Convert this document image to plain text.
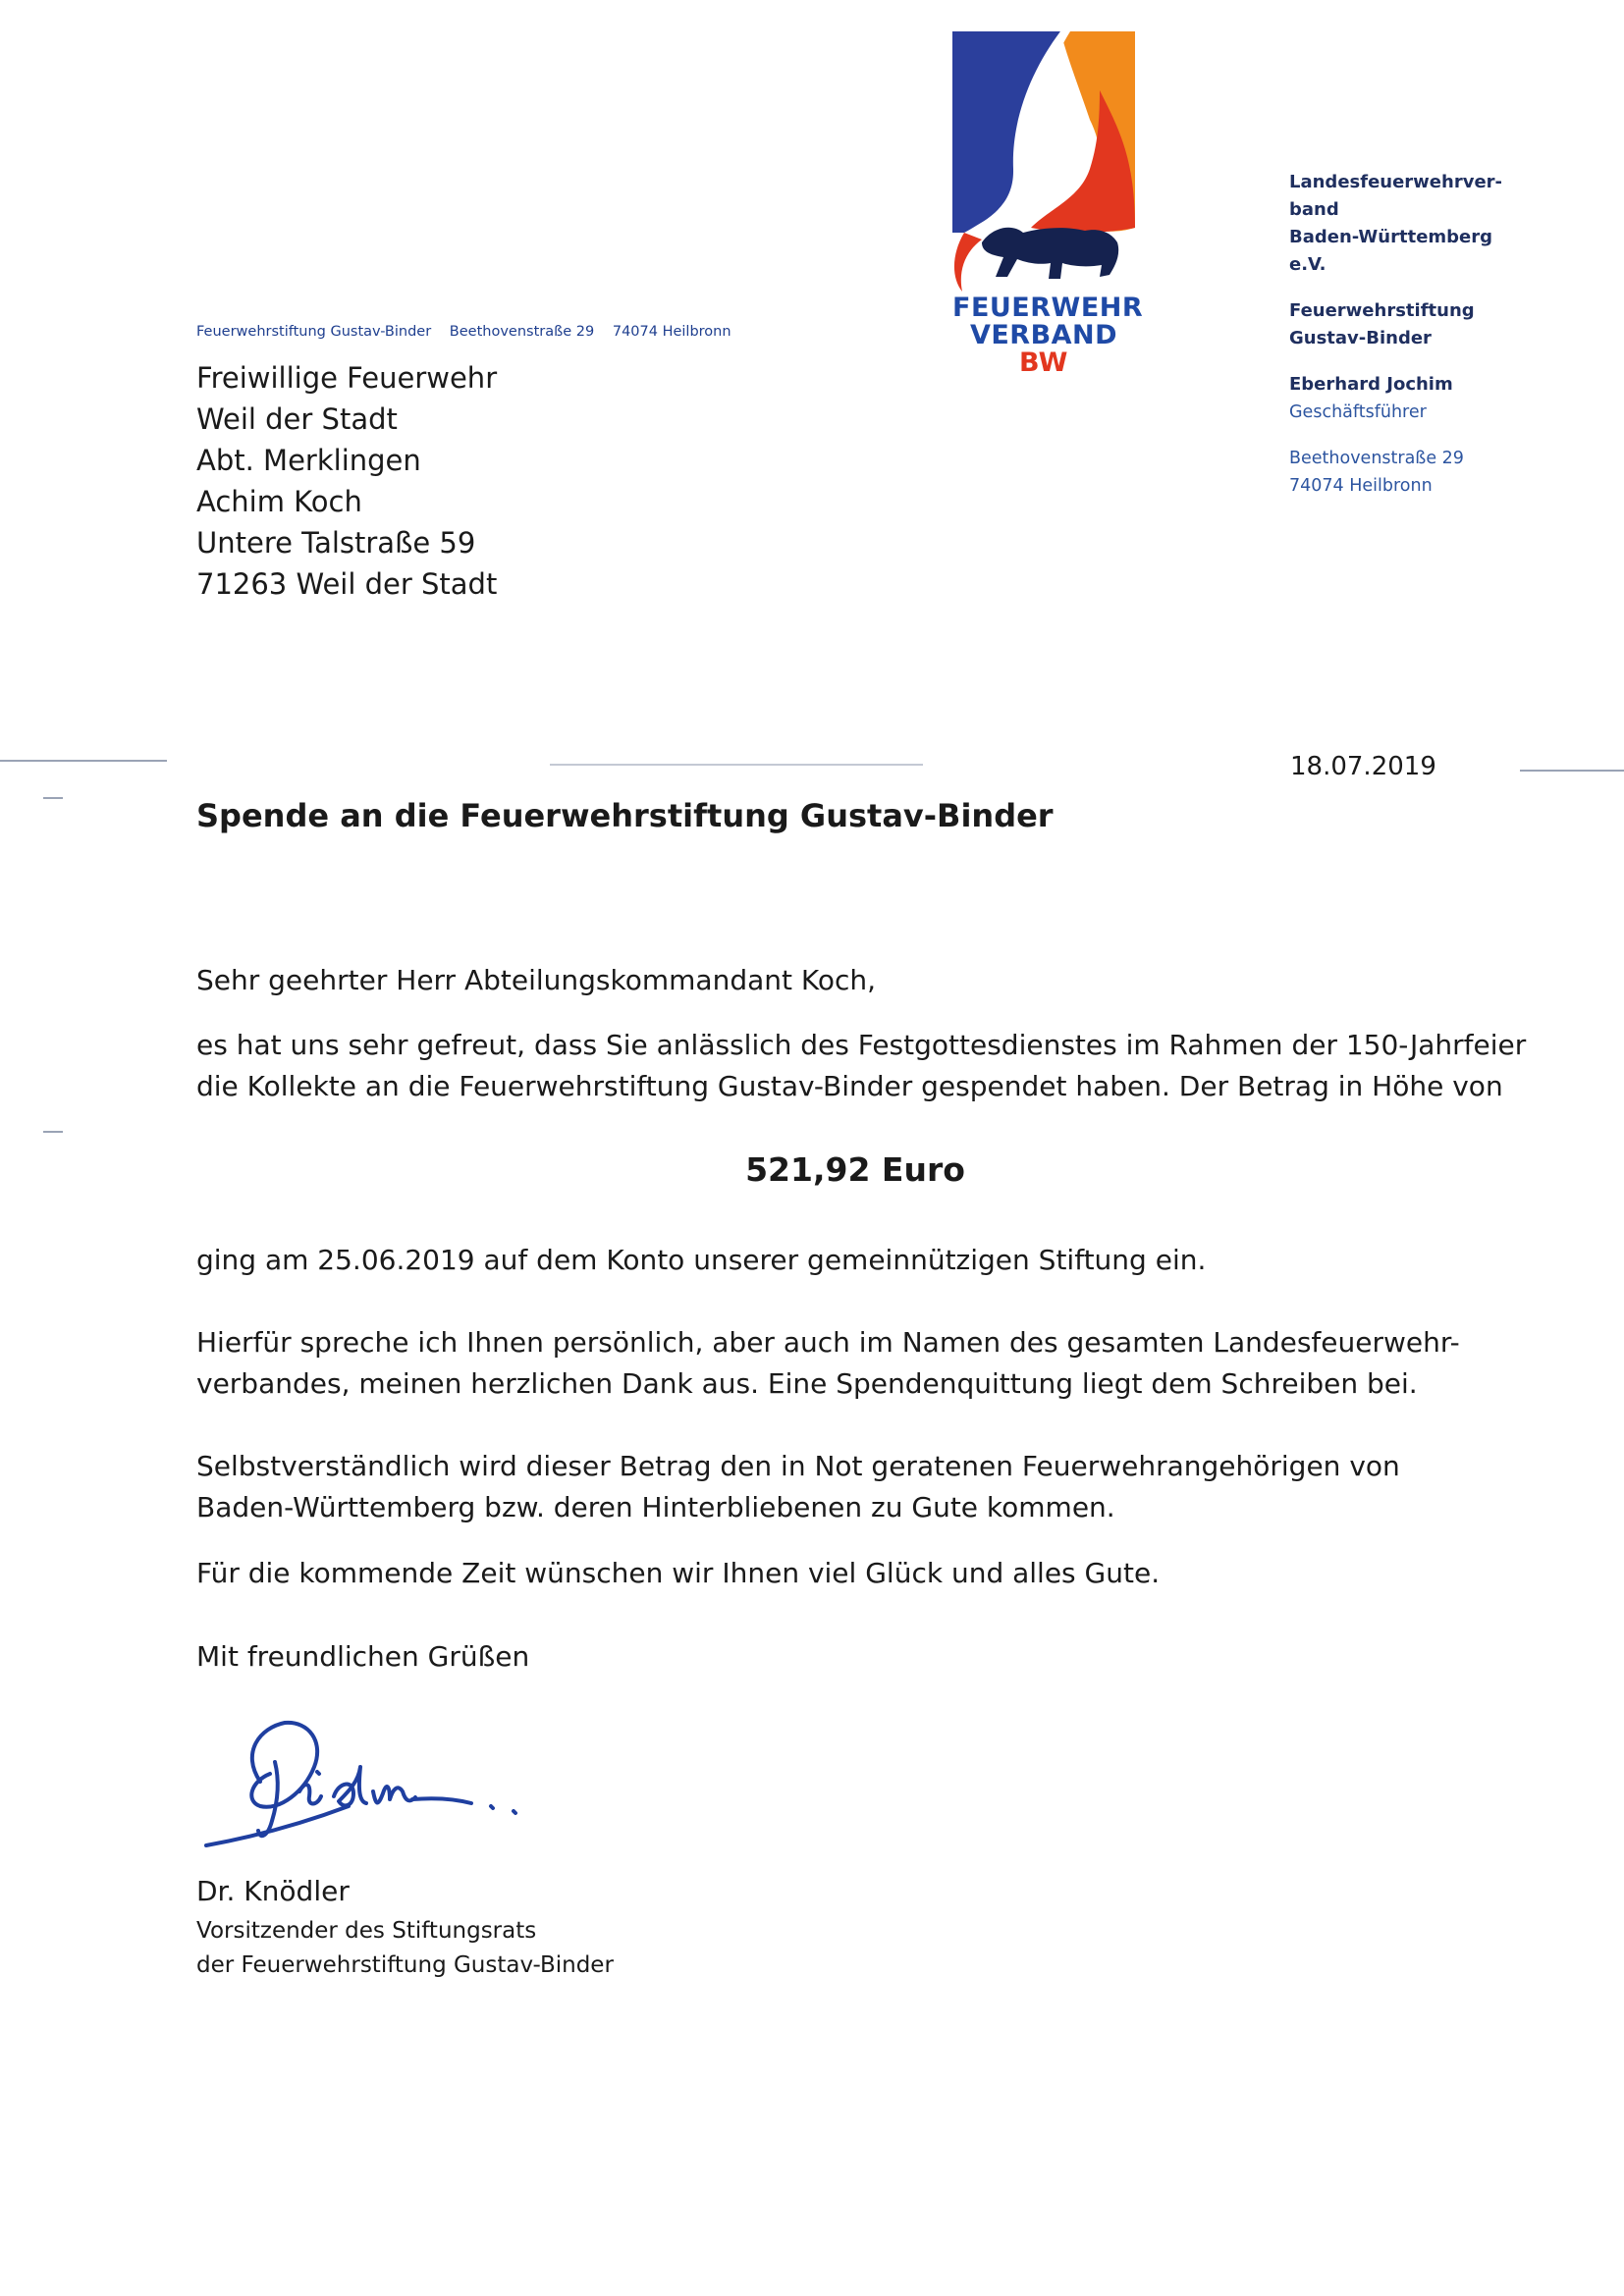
FEUERWEHR
VERBAND BW
Feuerwehrstiftung Gustav-Binder Beethovenstraße 29 74074 Heilbronn
Freiwillige Feuerwehr
Weil der Stadt
Abt. Merklingen
Achim Koch
Untere Talstraße 59
71263 Weil der Stadt
Landesfeuerwehrver-
band
Baden-Württemberg
e.V.
Feuerwehrstiftung
Gustav-Binder
Eberhard Jochim
Geschäftsführer
Beethovenstraße 29
74074 Heilbronn
18.07.2019
Spende an die Feuerwehrstiftung Gustav-Binder
Sehr geehrter Herr Abteilungskommandant Koch,
es hat uns sehr gefreut, dass Sie anlässlich des Festgottesdienstes im Rahmen der 150-Jahrfeier
die Kollekte an die Feuerwehrstiftung Gustav-Binder gespendet haben. Der Betrag in Höhe von
521,92 Euro
ging am 25.06.2019 auf dem Konto unserer gemeinnützigen Stiftung ein.
Hierfür spreche ich Ihnen persönlich, aber auch im Namen des gesamten Landesfeuerwehr-
verbandes, meinen herzlichen Dank aus. Eine Spendenquittung liegt dem Schreiben bei.
Selbstverständlich wird dieser Betrag den in Not geratenen Feuerwehrangehörigen von
Baden-Württemberg bzw. deren Hinterbliebenen zu Gute kommen.
Für die kommende Zeit wünschen wir Ihnen viel Glück und alles Gute.
Mit freundlichen Grüßen
Dr. Knödler
Vorsitzender des Stiftungsrats
der Feuerwehrstiftung Gustav-Binder
